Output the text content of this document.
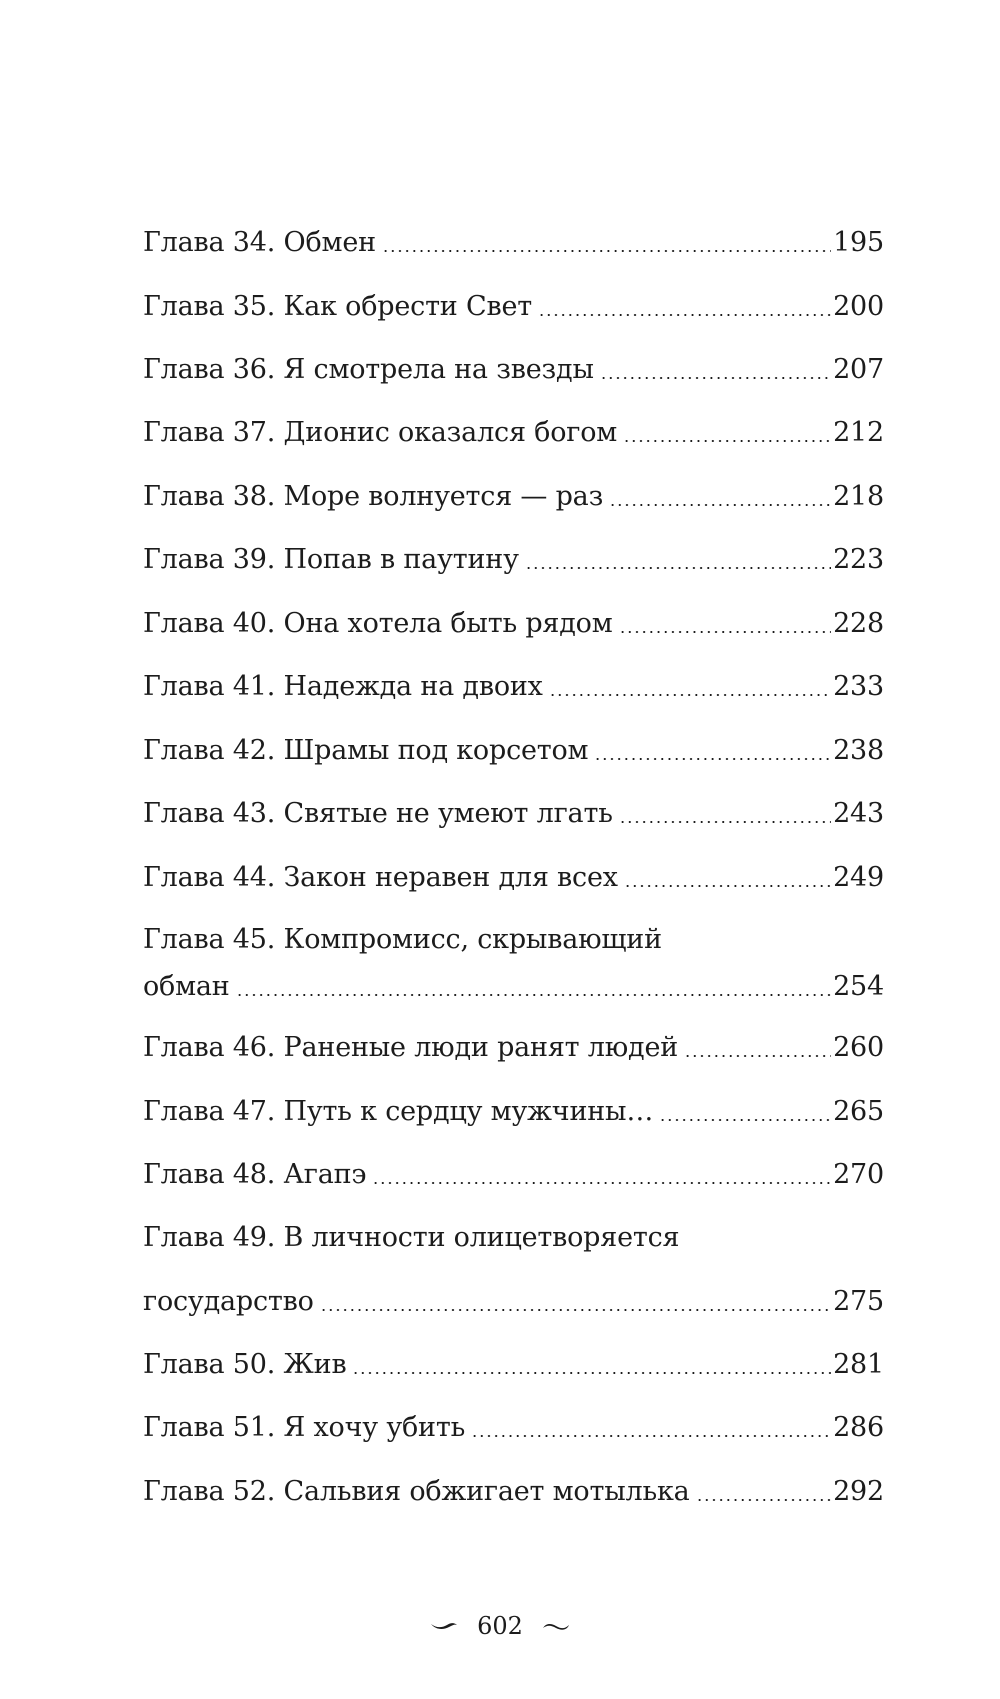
Глава 34. Обмен	195
Глава 35. Как обрести Свет	200
Глава 36. Я смотрела на звезды	207
Глава 37. Дионис оказался богом	212
Глава 38. Море волнуется — раз	218
Глава 39. Попав в паутину	223
Глава 40. Она хотела быть рядом	228
Глава 41. Надежда на двоих	233
Глава 42. Шрамы под корсетом	238
Глава 43. Святые не умеют лгать	243
Глава 44. Закон неравен для всех	249
Глава 45. Компромисс, скрывающий
обман	254
Глава 46. Раненые люди ранят людей	260
Глава 47. Путь к сердцу мужчины…	265
Глава 48. Агапэ	270
Глава 49. В личности олицетворяется
государство	275
Глава 50. Жив	281
Глава 51. Я хочу убить	286
Глава 52. Сальвия обжигает мотылька	292
602
